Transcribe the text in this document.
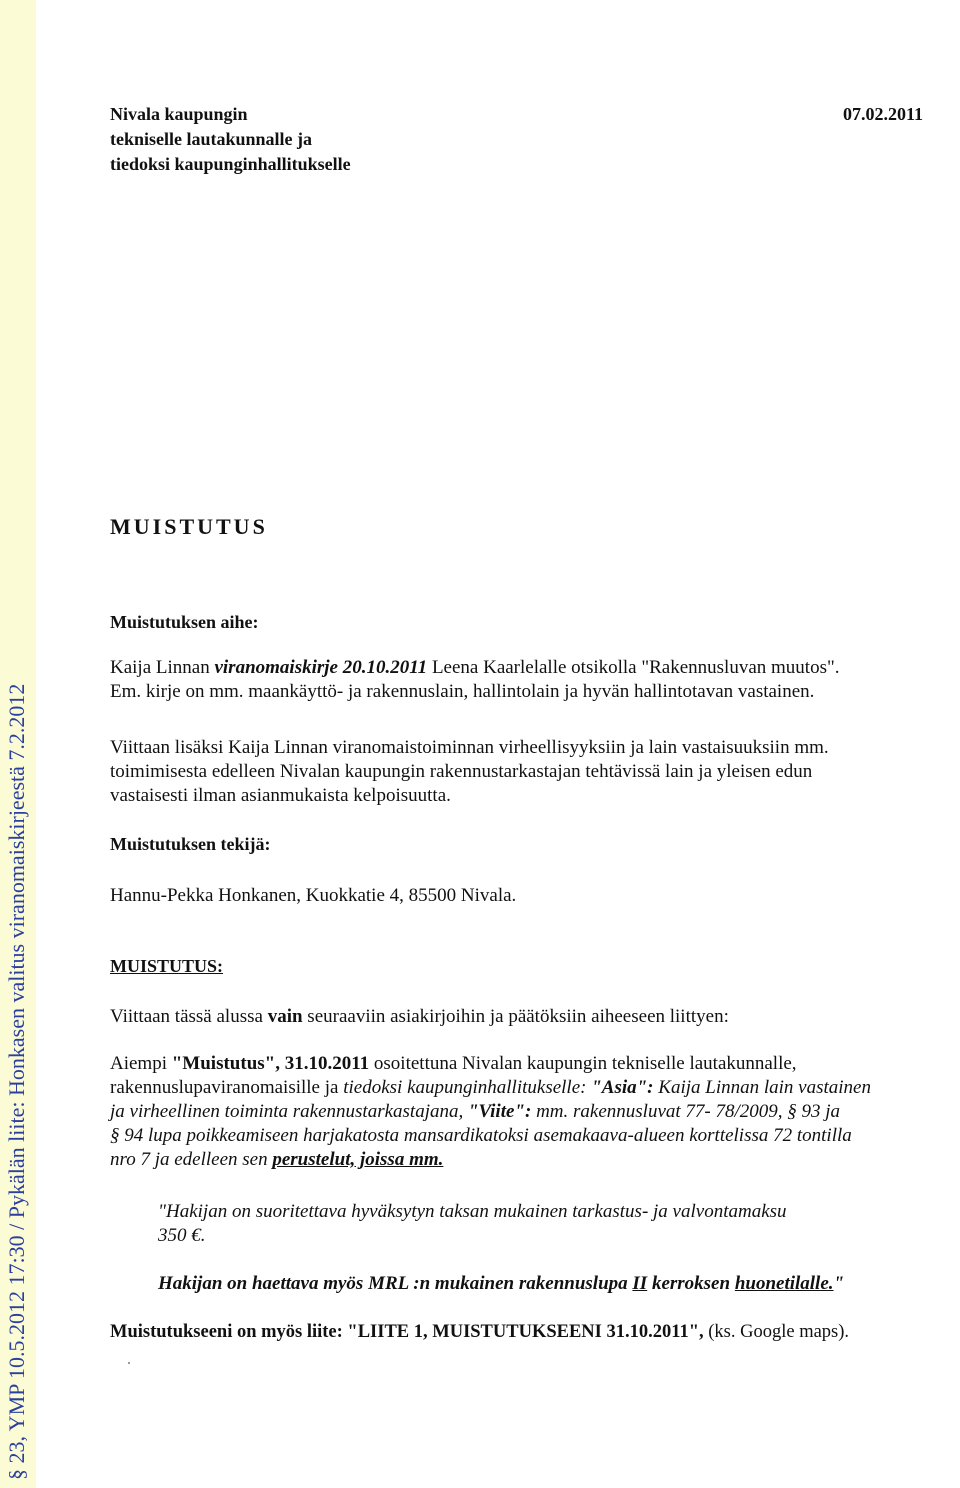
§ 23, YMP 10.5.2012 17:30 / Pykälän liite: Honkasen valitus viranomaiskirjeestä 7.2.2012
Nivala kaupungin
tekniselle lautakunnalle ja
tiedoksi kaupunginhallitukselle
07.02.2011
MUISTUTUS
Muistutuksen aihe:
Kaija Linnan viranomaiskirje 20.10.2011 Leena Kaarlelalle otsikolla "Rakennusluvan muutos".
Em. kirje on mm. maankäyttö- ja rakennuslain, hallintolain ja hyvän hallintotavan vastainen.
Viittaan lisäksi Kaija Linnan viranomaistoiminnan virheellisyyksiin ja lain vastaisuuksiin mm.
toimimisesta edelleen Nivalan kaupungin rakennustarkastajan tehtävissä lain ja yleisen edun
vastaisesti ilman asianmukaista kelpoisuutta.
Muistutuksen tekijä:
Hannu-Pekka Honkanen, Kuokkatie 4, 85500 Nivala.
MUISTUTUS:
Viittaan tässä alussa vain seuraaviin asiakirjoihin ja päätöksiin aiheeseen liittyen:
Aiempi "Muistutus", 31.10.2011 osoitettuna Nivalan kaupungin tekniselle lautakunnalle,
rakennuslupaviranomaisille ja tiedoksi kaupunginhallitukselle: "Asia": Kaija Linnan lain vastainen
ja virheellinen toiminta rakennustarkastajana, "Viite": mm. rakennusluvat 77- 78/2009, § 93 ja
§ 94 lupa poikkeamiseen harjakatosta mansardikatoksi asemakaava-alueen korttelissa 72 tontilla
nro 7 ja edelleen sen perustelut, joissa mm.
"Hakijan on suoritettava hyväksytyn taksan mukainen tarkastus- ja valvontamaksu
350 €.
Hakijan on haettava myös MRL :n mukainen rakennuslupa II kerroksen huonetilalle."
Muistutukseeni on myös liite: "LIITE 1, MUISTUTUKSEENI 31.10.2011", (ks. Google maps).
